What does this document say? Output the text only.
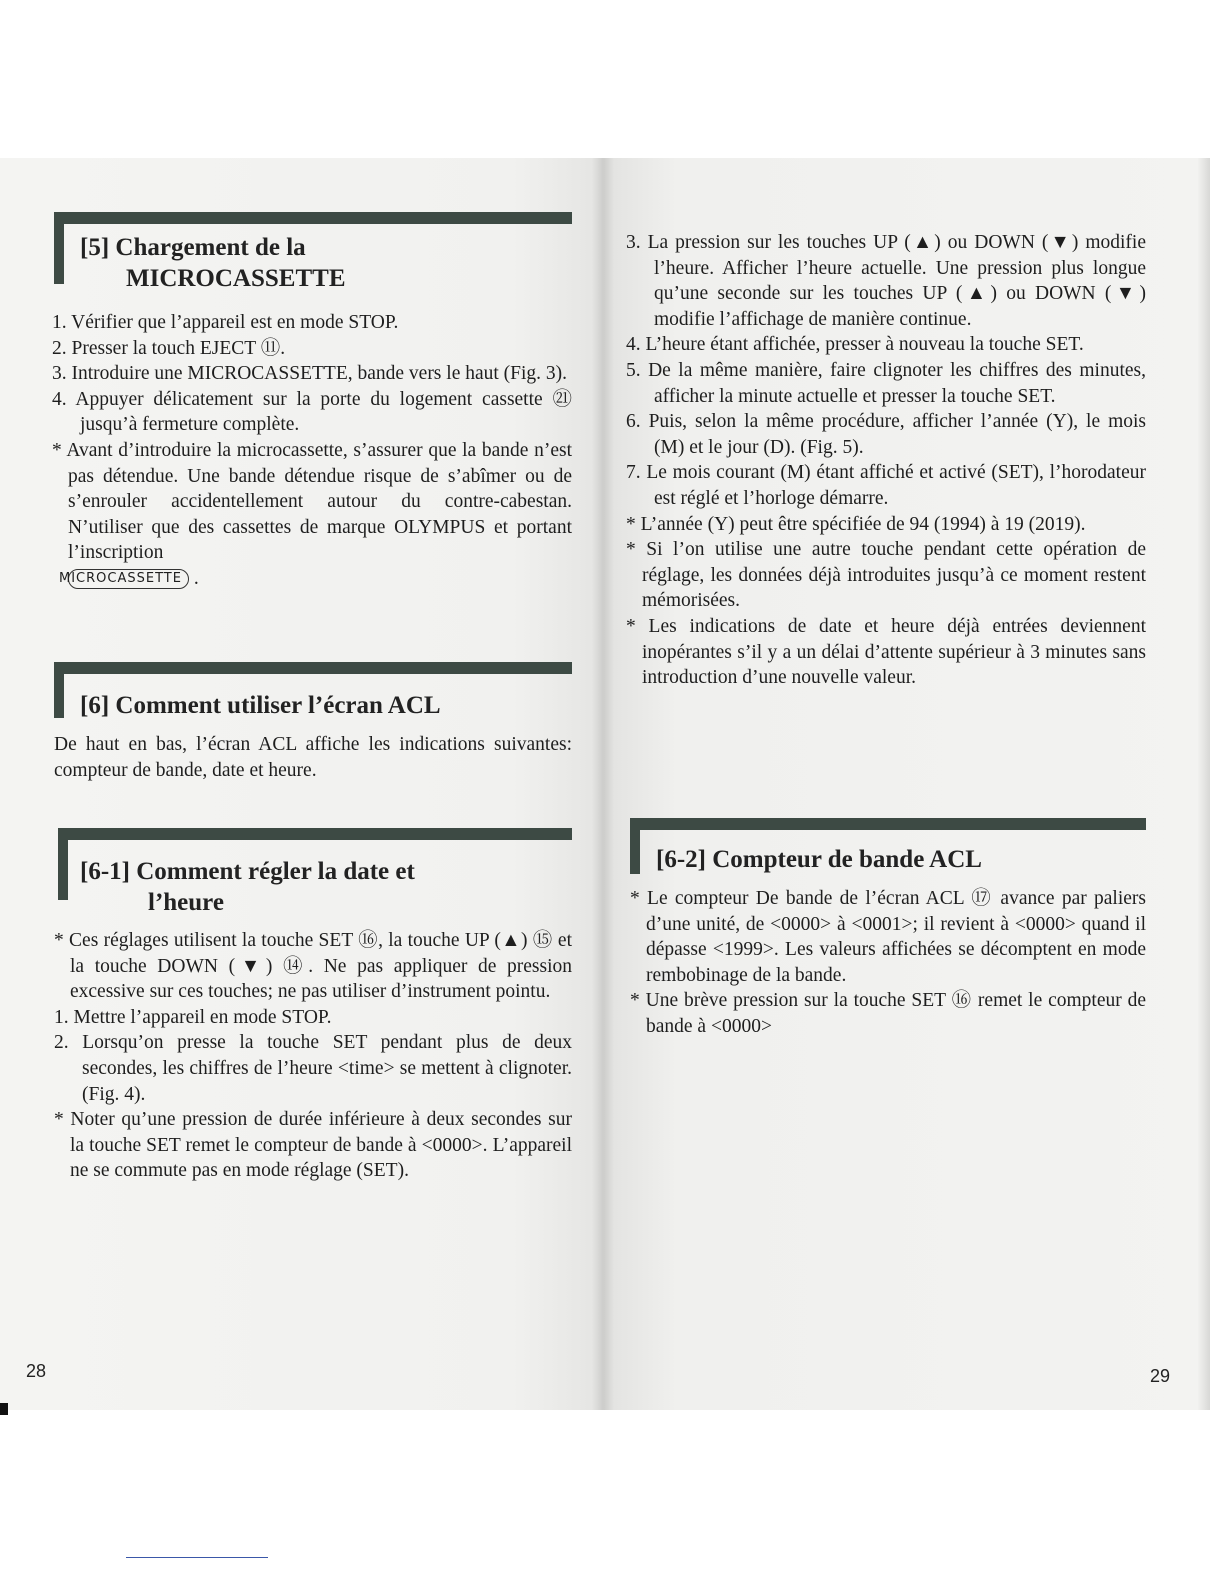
[5] Chargement de la
MICROCASSETTE

1. Vérifier que l’appareil est en mode STOP.

2. Presser la touch EJECT ⑪.

3. Introduire une MICROCASSETTE, bande vers le haut (Fig. 3).

4. Appuyer délicatement sur la porte du logement cassette ㉑ jusqu’à fermeture complète.

* Avant d’introduire la microcassette, s’assurer que la bande n’est pas détendue. Une bande détendue risque de s’abîmer ou de s’enrouler accidentellement autour du contre-cabestan. N’utiliser que des cassettes de marque OLYMPUS et portant l’inscription
MICROCASSETTE .

[6] Comment utiliser l’écran ACL

De haut en bas, l’écran ACL affiche les indications suivantes: compteur de bande, date et heure.

[6-1] Comment régler la date et
l’heure

* Ces réglages utilisent la touche SET ⑯, la touche UP (▲) ⑮ et la touche DOWN (▼) ⑭. Ne pas appliquer de pression excessive sur ces touches; ne pas utiliser d’instrument pointu.

1. Mettre l’appareil en mode STOP.

2. Lorsqu’on presse la touche SET pendant plus de deux secondes, les chiffres de l’heure <time> se mettent à clignoter. (Fig. 4).

* Noter qu’une pression de durée inférieure à deux secondes sur la touche SET remet le compteur de bande à <0000>. L’appareil ne se commute pas en mode réglage (SET).

28

3. La pression sur les touches UP (▲) ou DOWN (▼) modifie l’heure. Afficher l’heure actuelle. Une pression plus longue qu’une seconde sur les touches UP (▲) ou DOWN (▼) modifie l’affichage de manière continue.

4. L’heure étant affichée, presser à nouveau la touche SET.

5. De la même manière, faire clignoter les chiffres des minutes, afficher la minute actuelle et presser la touche SET.

6. Puis, selon la même procédure, afficher l’année (Y), le mois (M) et le jour (D). (Fig. 5).

7. Le mois courant (M) étant affiché et activé (SET), l’horodateur est réglé et l’horloge démarre.

* L’année (Y) peut être spécifiée de 94 (1994) à 19 (2019).

* Si l’on utilise une autre touche pendant cette opération de réglage, les données déjà introduites jusqu’à ce moment restent mémorisées.

* Les indications de date et heure déjà entrées deviennent inopérantes s’il y a un délai d’attente supérieur à 3 minutes sans introduction d’une nouvelle valeur.

[6-2] Compteur de bande ACL

* Le compteur De bande de l’écran ACL ⑰ avance par paliers d’une unité, de <0000> à <0001>; il revient à <0000> quand il dépasse <1999>. Les valeurs affichées se décomptent en mode rembobinage de la bande.

* Une brève pression sur la touche SET ⑯ remet le compteur de bande à <0000>

29
